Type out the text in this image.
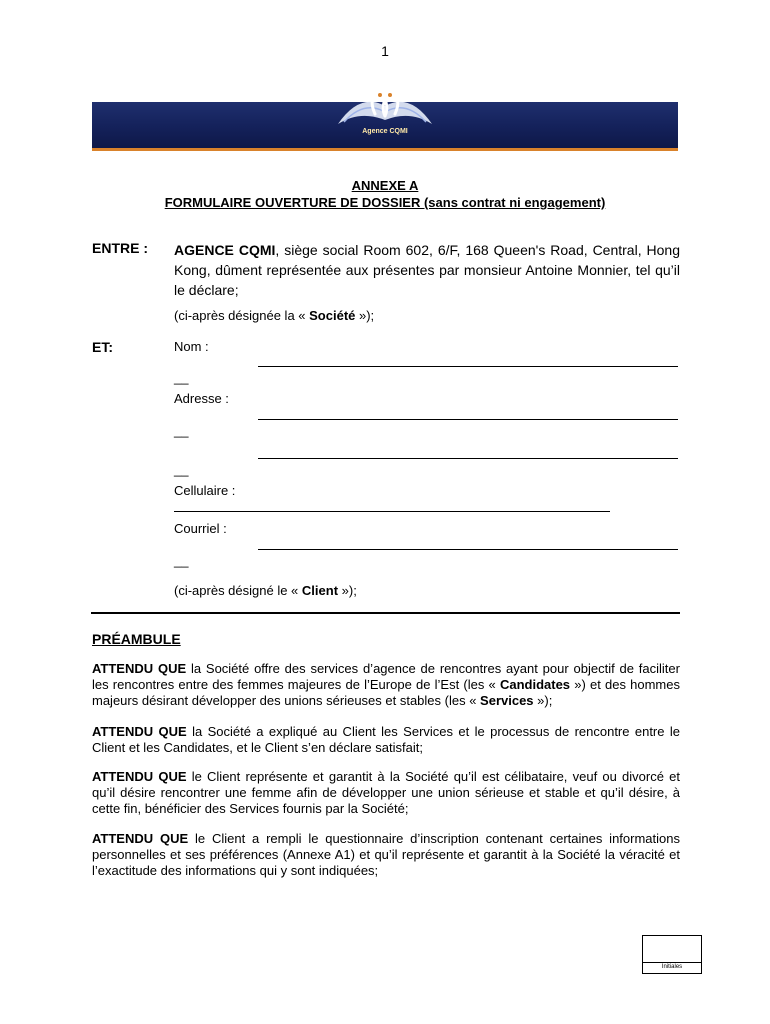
1
Agence CQMI
ANNEXE A
FORMULAIRE OUVERTURE DE DOSSIER (sans contrat ni engagement)
ENTRE : AGENCE CQMI, siège social Room 602, 6/F, 168 Queen's Road, Central, Hong Kong, dûment représentée aux présentes par monsieur Antoine Monnier, tel qu’il le déclare;
(ci-après désignée la « Société »);
ET:	Nom :
__
Adresse :
__
__
Cellulaire :
Courriel :
__
(ci-après désigné le « Client »);
PRÉAMBULE
ATTENDU QUE la Société offre des services d’agence de rencontres ayant pour objectif de faciliter les rencontres entre des femmes majeures de l’Europe de l’Est (les « Candidates ») et des hommes majeurs désirant développer des unions sérieuses et stables (les « Services »);
ATTENDU QUE la Société a expliqué au Client les Services et le processus de rencontre entre le Client et les Candidates, et le Client s’en déclare satisfait;
ATTENDU QUE le Client représente et garantit à la Société qu’il est célibataire, veuf ou divorcé et qu’il désire rencontrer une femme afin de développer une union sérieuse et stable et qu’il désire, à cette fin, bénéficier des Services fournis par la Société;
ATTENDU QUE le Client a rempli le questionnaire d’inscription contenant certaines informations personnelles et ses préférences (Annexe A1) et qu’il représente et garantit à la Société la véracité et l’exactitude des informations qui y sont indiquées;
Initiales
